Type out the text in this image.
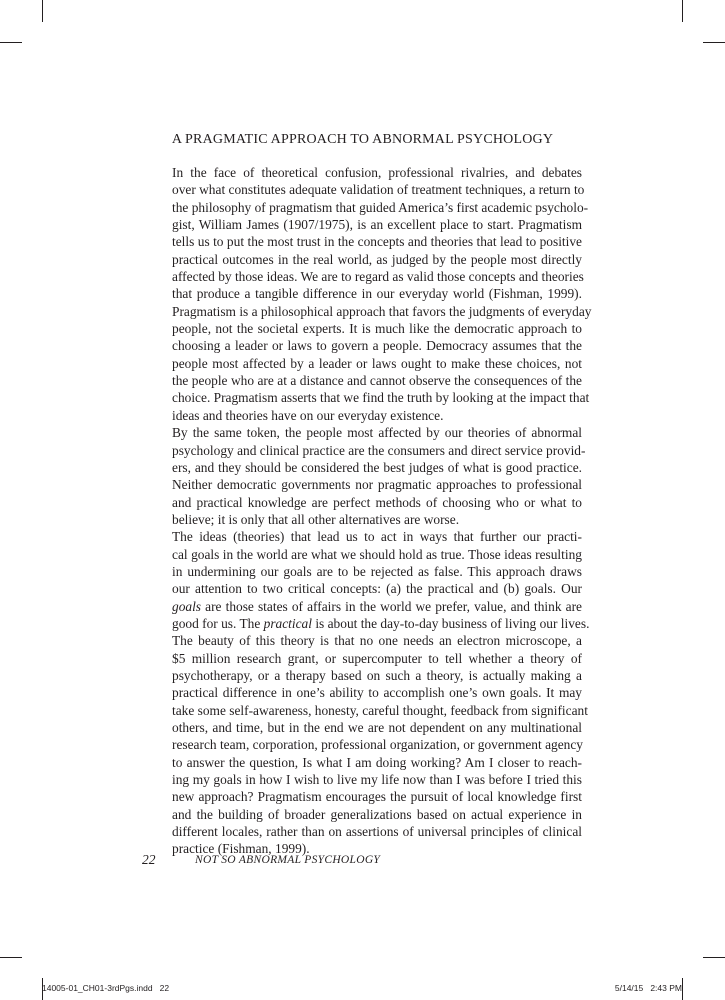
A PRAGMATIC APPROACH TO ABNORMAL PSYCHOLOGY

In the face of theoretical confusion, professional rivalries, and debates
over what constitutes adequate validation of treatment techniques, a return to
the philosophy of pragmatism that guided America’s first academic psycholo-
gist, William James (1907/1975), is an excellent place to start. Pragmatism
tells us to put the most trust in the concepts and theories that lead to positive
practical outcomes in the real world, as judged by the people most directly
affected by those ideas. We are to regard as valid those concepts and theories
that produce a tangible difference in our everyday world (Fishman, 1999).
Pragmatism is a philosophical approach that favors the judgments of everyday
people, not the societal experts. It is much like the democratic approach to
choosing a leader or laws to govern a people. Democracy assumes that the
people most affected by a leader or laws ought to make these choices, not
the people who are at a distance and cannot observe the consequences of the
choice. Pragmatism asserts that we find the truth by looking at the impact that
ideas and theories have on our everyday existence.

By the same token, the people most affected by our theories of abnormal
psychology and clinical practice are the consumers and direct service provid-
ers, and they should be considered the best judges of what is good practice.
Neither democratic governments nor pragmatic approaches to professional
and practical knowledge are perfect methods of choosing who or what to
believe; it is only that all other alternatives are worse.

The ideas (theories) that lead us to act in ways that further our practi-
cal goals in the world are what we should hold as true. Those ideas resulting
in undermining our goals are to be rejected as false. This approach draws
our attention to two critical concepts: (a) the practical and (b) goals. Our
goals are those states of affairs in the world we prefer, value, and think are
good for us. The practical is about the day-to-day business of living our lives.
The beauty of this theory is that no one needs an electron microscope, a
$5 million research grant, or supercomputer to tell whether a theory of
psychotherapy, or a therapy based on such a theory, is actually making a
practical difference in one’s ability to accomplish one’s own goals. It may
take some self-awareness, honesty, careful thought, feedback from significant
others, and time, but in the end we are not dependent on any multinational
research team, corporation, professional organization, or government agency
to answer the question, Is what I am doing working? Am I closer to reach-
ing my goals in how I wish to live my life now than I was before I tried this
new approach? Pragmatism encourages the pursuit of local knowledge first
and the building of broader generalizations based on actual experience in
different locales, rather than on assertions of universal principles of clinical
practice (Fishman, 1999).

22	NOT SO ABNORMAL PSYCHOLOGY
14005-01_CH01-3rdPgs.indd   22	5/14/15   2:43 PM
